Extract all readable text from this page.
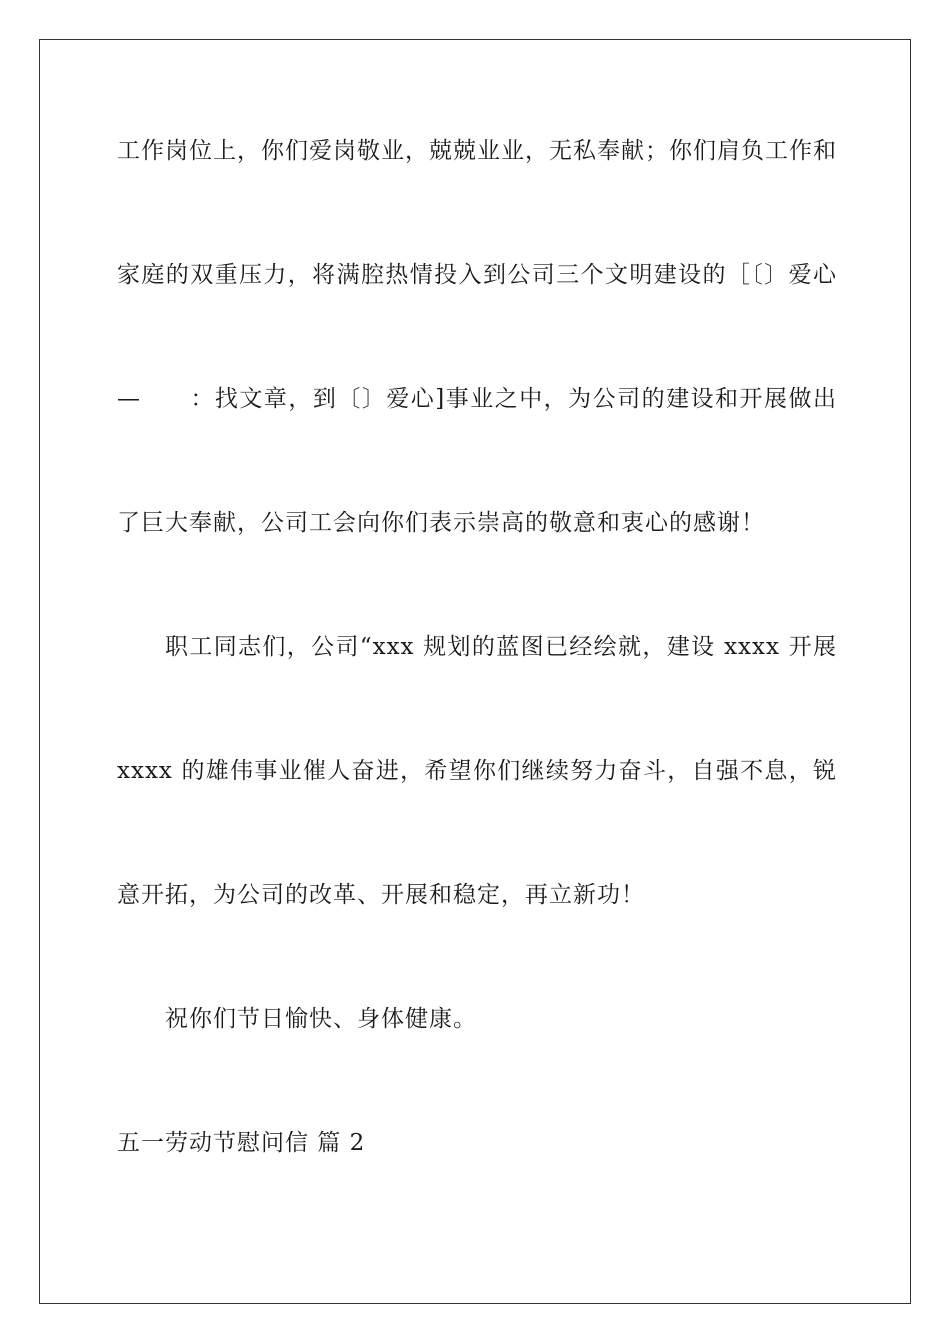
工作岗位上，你们爱岗敬业，兢兢业业，无私奉献；你们肩负工作和
家庭的双重压力，将满腔热情投入到公司三个文明建设的［〔〕爱心
—　　：找文章，到〔〕爱心]事业之中，为公司的建设和开展做出
了巨大奉献，公司工会向你们表示崇高的敬意和衷心的感谢！
职工同志们，公司“xxx 规划的蓝图已经绘就，建设 xxxx 开展
xxxx 的雄伟事业催人奋进，希望你们继续努力奋斗，自强不息，锐
意开拓，为公司的改革、开展和稳定，再立新功！
祝你们节日愉快、身体健康。
五一劳动节慰问信 篇 2
